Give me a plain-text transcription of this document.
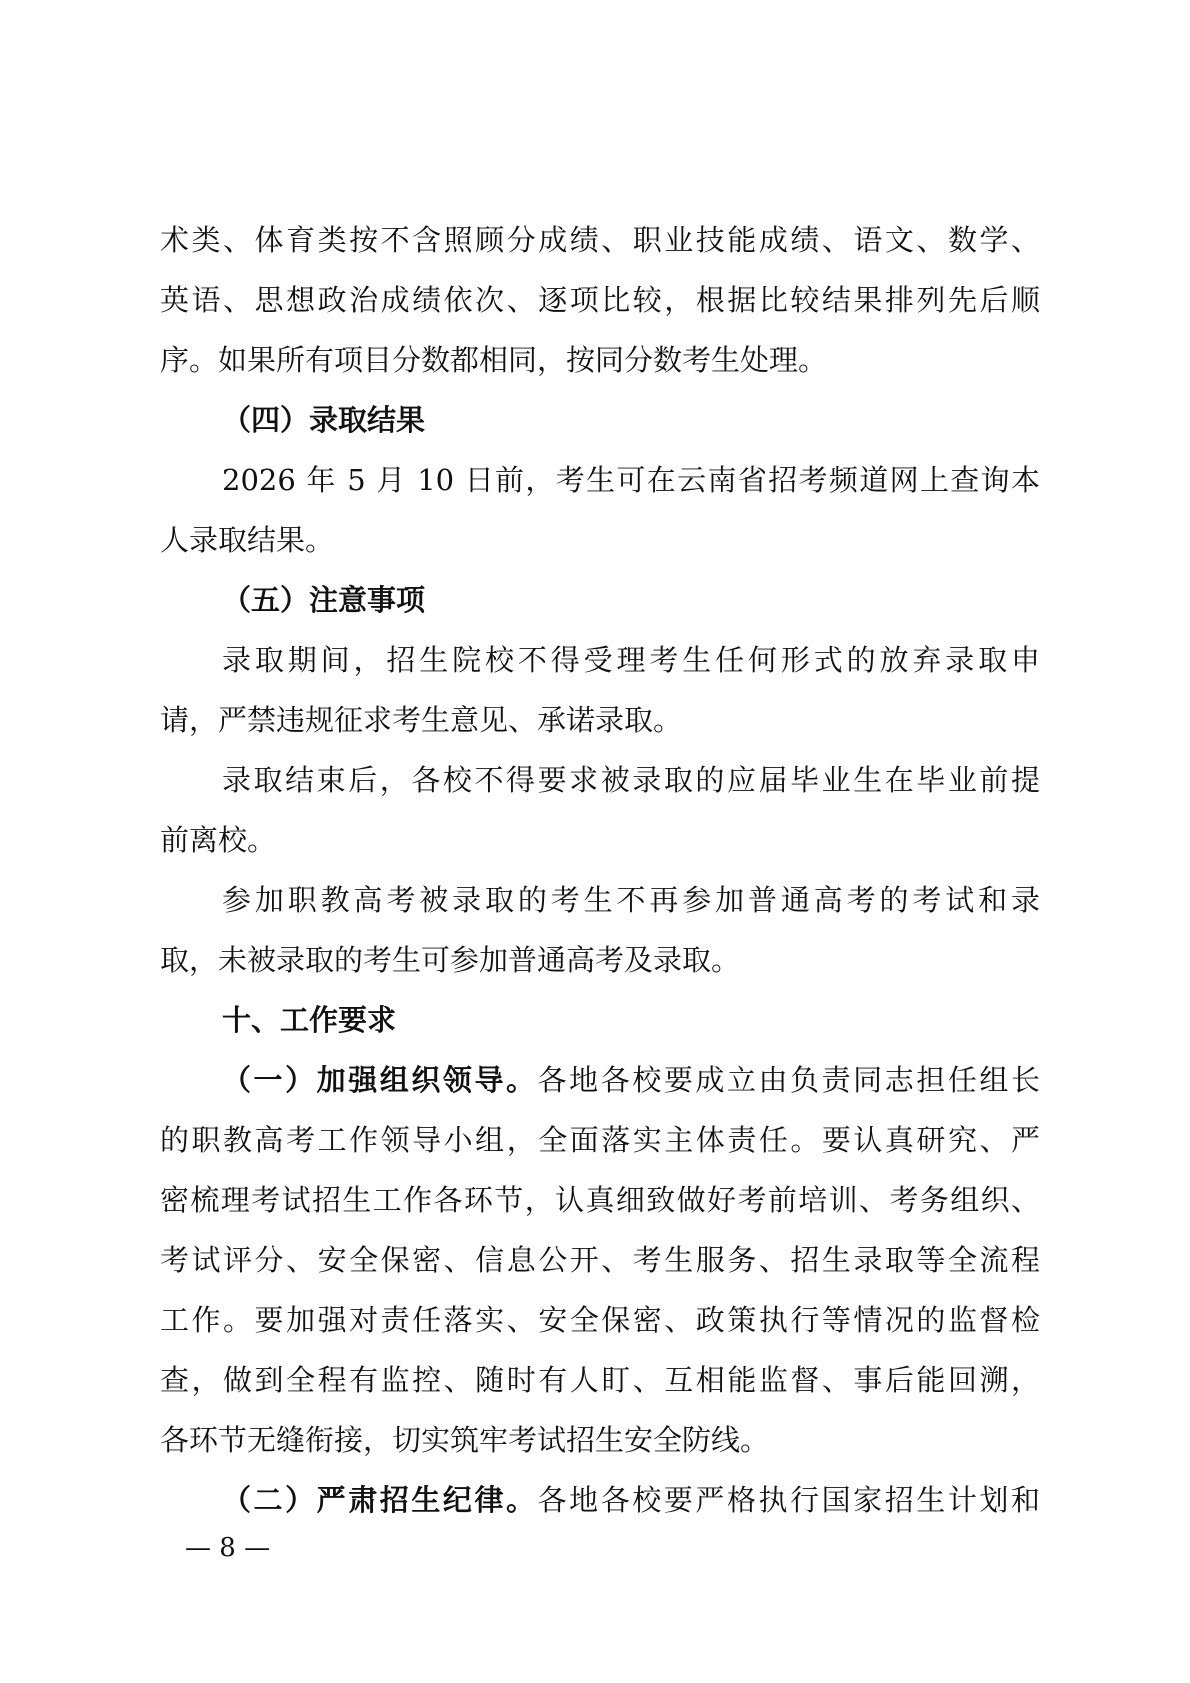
术类、体育类按不含照顾分成绩、职业技能成绩、语文、数学、
英语、思想政治成绩依次、逐项比较，根据比较结果排列先后顺
序。如果所有项目分数都相同，按同分数考生处理。
（四）录取结果
2026 年 5 月 10 日前，考生可在云南省招考频道网上查询本
人录取结果。
（五）注意事项
录取期间，招生院校不得受理考生任何形式的放弃录取申
请，严禁违规征求考生意见、承诺录取。
录取结束后，各校不得要求被录取的应届毕业生在毕业前提
前离校。
参加职教高考被录取的考生不再参加普通高考的考试和录
取，未被录取的考生可参加普通高考及录取。
十、工作要求
（一）加强组织领导。各地各校要成立由负责同志担任组长
的职教高考工作领导小组，全面落实主体责任。要认真研究、严
密梳理考试招生工作各环节，认真细致做好考前培训、考务组织、
考试评分、安全保密、信息公开、考生服务、招生录取等全流程
工作。要加强对责任落实、安全保密、政策执行等情况的监督检
查，做到全程有监控、随时有人盯、互相能监督、事后能回溯，
各环节无缝衔接，切实筑牢考试招生安全防线。
（二）严肃招生纪律。各地各校要严格执行国家招生计划和
— 8 —
